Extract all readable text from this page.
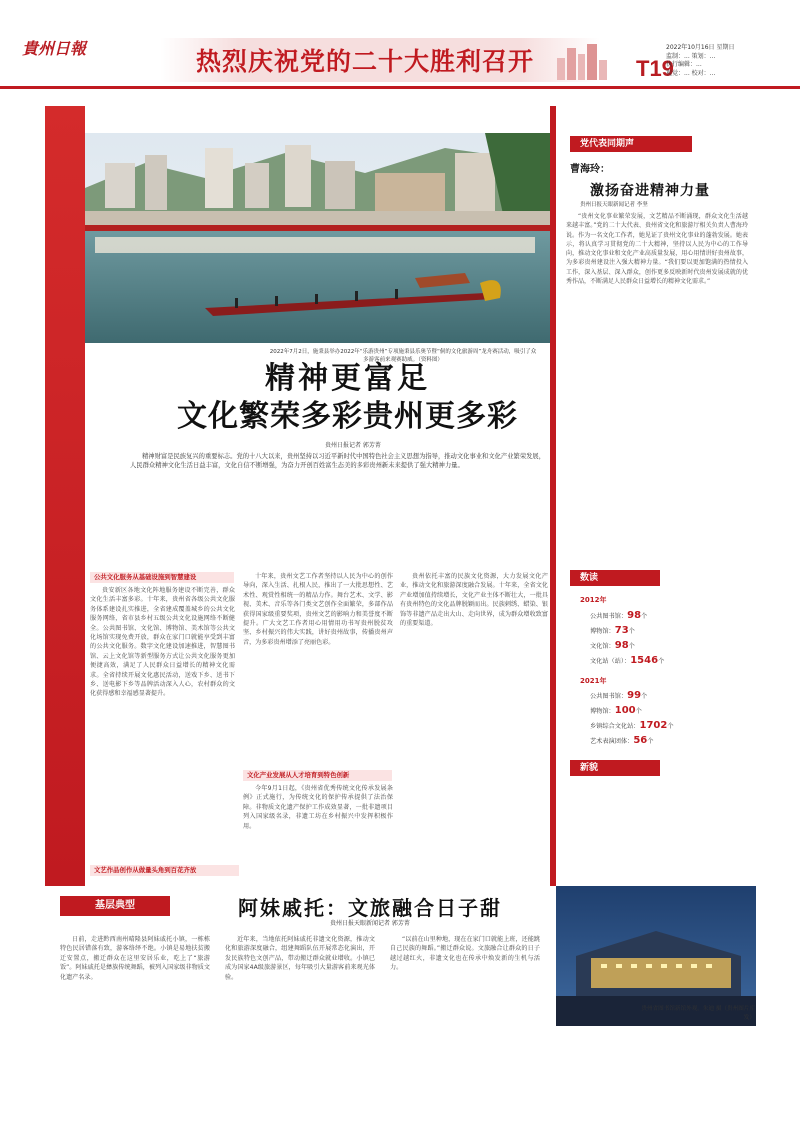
貴州日報	热烈庆祝党的二十大胜利召开	T19
2022年10月16日 星期日
监制：... 策划：...
执行编辑：...
视觉：... 校对：...
2022年7月2日，施秉县举办2022年“乐游贵州”专项施秉县乐奥节暨“侗的文化旅游周”龙舟赛活动，吸引了众多游客前来观赛助威。（资料图）
精神更富足
文化繁荣多彩贵州更多彩
贵州日报记者 郭芳菁
精神财富是民族复兴的重要标志。党的十八大以来，贵州坚持以习近平新时代中国特色社会主义思想为指导，推动文化事业和文化产业繁荣发展，人民群众精神文化生活日益丰富，文化自信不断增强，为奋力开创百姓富生态美的多彩贵州新未来提供了强大精神力量。
公共文化服务从基础设施到智慧建设
贵安新区各地文化阵地服务建设不断完善，群众文化生活丰富多彩。十年来，贵州省各级公共文化服务体系建设扎实推进，全省建成覆盖城乡的公共文化服务网络，省市县乡村五级公共文化设施网络不断健全。公共图书馆、文化馆、博物馆、美术馆等公共文化场馆实现免费开放，群众在家门口就能享受到丰富的公共文化服务。数字文化建设加速推进，智慧图书馆、云上文化馆等新型服务方式让公共文化服务更加便捷高效，满足了人民群众日益增长的精神文化需求。全省持续开展文化惠民活动，送戏下乡、送书下乡、送电影下乡等品牌活动深入人心，农村群众的文化获得感和幸福感显著提升。
文艺作品创作从做量头角到百花齐放
十年来，贵州文艺工作者坚持以人民为中心的创作导向，深入生活、扎根人民，推出了一大批思想性、艺术性、观赏性相统一的精品力作。舞台艺术、文学、影视、美术、音乐等各门类文艺创作全面繁荣，多部作品获得国家级重要奖项，贵州文艺的影响力和美誉度不断提升。广大文艺工作者用心用情用功书写贵州脱贫攻坚、乡村振兴的伟大实践，讲好贵州故事，传播贵州声音，为多彩贵州增添了亮丽色彩。
贵州依托丰富的民族文化资源，大力发展文化产业，推动文化和旅游深度融合发展。十年来，全省文化产业增加值持续增长，文化产业主体不断壮大，一批具有贵州特色的文化品牌脱颖而出。民族刺绣、蜡染、银饰等非遗产品走出大山、走向世界，成为群众增收致富的重要渠道。
文化产业发展从人才培育到特色创新
今年9月1日起，《贵州省优秀传统文化传承发展条例》正式施行，为传统文化的保护传承提供了法治保障。非物质文化遗产保护工作成效显著，一批非遗项目列入国家级名录，非遗工坊在乡村振兴中发挥积极作用。
党代表同期声
曹海玲：
激扬奋进精神力量
贵州日报天眼新闻记者 李坚
“贵州文化事业繁荣发展，文艺精品不断涌现，群众文化生活越来越丰富。”党的二十大代表、贵州省文化和旅游厅相关负责人曹海玲说。作为一名文化工作者，她见证了贵州文化事业的蓬勃发展。她表示，将认真学习贯彻党的二十大精神，坚持以人民为中心的工作导向，推动文化事业和文化产业高质量发展，用心用情讲好贵州故事，为多彩贵州建设注入强大精神力量。“我们要以更加饱满的热情投入工作，深入基层、深入群众，创作更多反映新时代贵州发展成就的优秀作品，不断满足人民群众日益增长的精神文化需求。”
数读
2012年
公共图书馆：98个
博物馆：73个
文化馆：98个
文化站（站）：1546个
2021年
公共图书馆：99个
博物馆：100个
乡镇综合文化站：1702个
艺术表演团体：56个
新貌
贵州省图书馆新馆外观。朱迪 摄（贵州图片库发）
基层典型	阿妹戚托：文旅融合日子甜
贵州日报天眼新闻记者 郭芳菁
日前，走进黔西南州晴隆县阿妹戚托小镇，一栋栋特色民居错落有致，游客络绎不绝。小镇是易地扶贫搬迁安置点，搬迁群众在这里安居乐业，吃上了“旅游饭”。阿妹戚托是彝族传统舞蹈，被列入国家级非物质文化遗产名录。
近年来，当地依托阿妹戚托非遗文化资源，推动文化和旅游深度融合，组建舞蹈队伍开展常态化演出，开发民族特色文创产品，带动搬迁群众就业增收。小镇已成为国家4A级旅游景区，每年吸引大量游客前来观光体验。
“以前在山里种地，现在在家门口就能上班，还能跳自己民族的舞蹈。”搬迁群众说。文旅融合让群众的日子越过越红火，非遗文化也在传承中焕发新的生机与活力。
